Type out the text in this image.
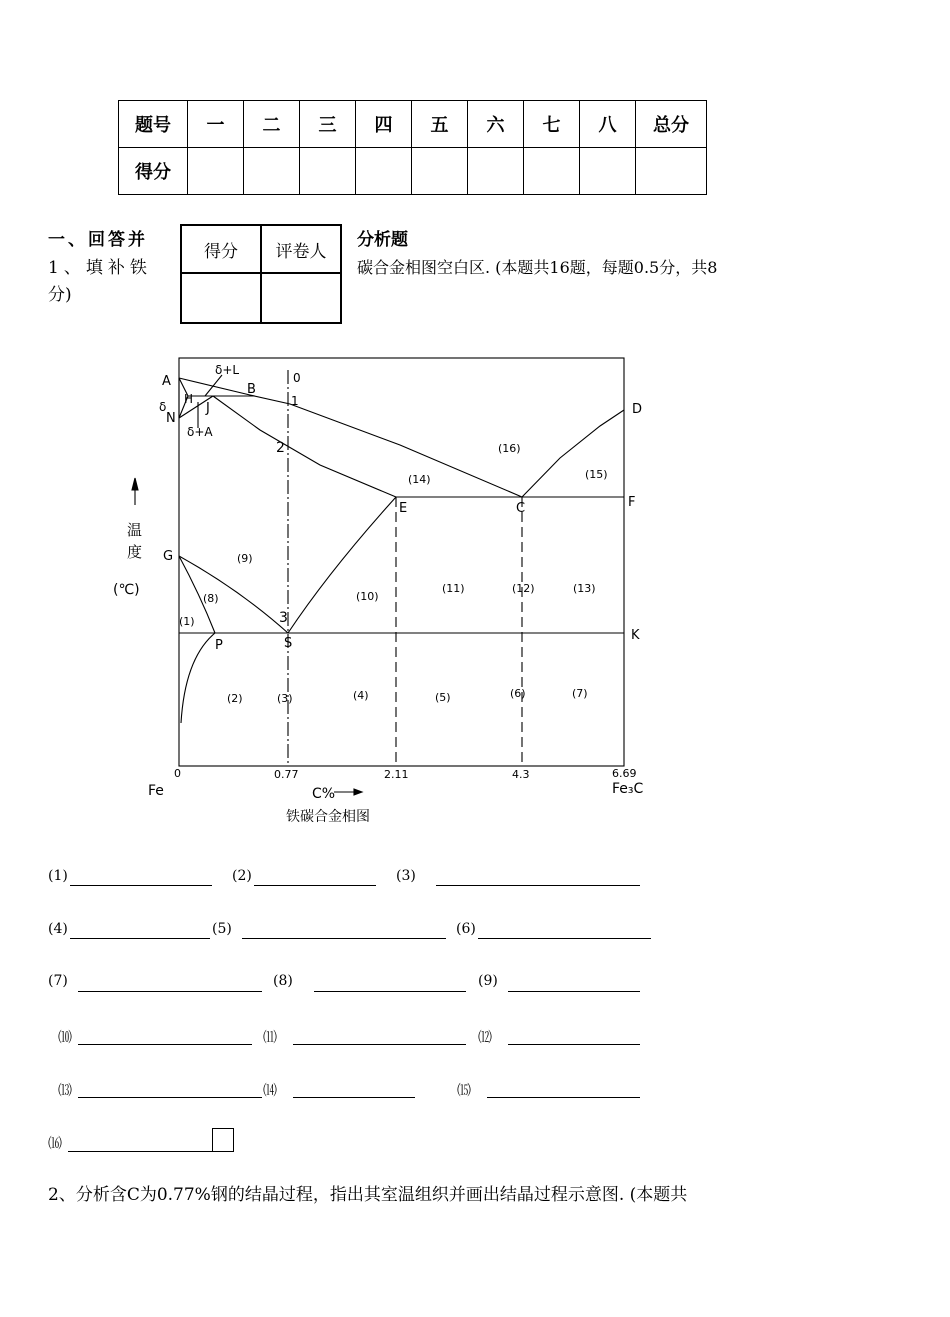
题号	一	二	三	四	五	六	七	八	总分
得分									
一、回答并	分析题
1、填补铁	碳合金相图空白区. (本题共16题，每题0.5分，共8
分)
得分	评卷人

A
B
H
J
N
D
E	C	F
G
P	S
K
δ+L
δ
δ+A
0
1
2
3
(1)
(2)	(3)	(4)	(5)	(6)	(7)
(8)
(9)
(10)
(11)	(12)	(13)
(14)	(15)
(16)
0	0.77	2.11	4.3	6.69
Fe	Fe₃C
C%
铁碳合金相图
温
度
(℃)
(1)	(2)	(3)
(4)	(5)	(6)
(7)	(8)	(9)
⑽	⑾	⑿
⒀	⒁	⒂
⒃
2、分析含C为0.77%钢的结晶过程，指出其室温组织并画出结晶过程示意图. (本题共
